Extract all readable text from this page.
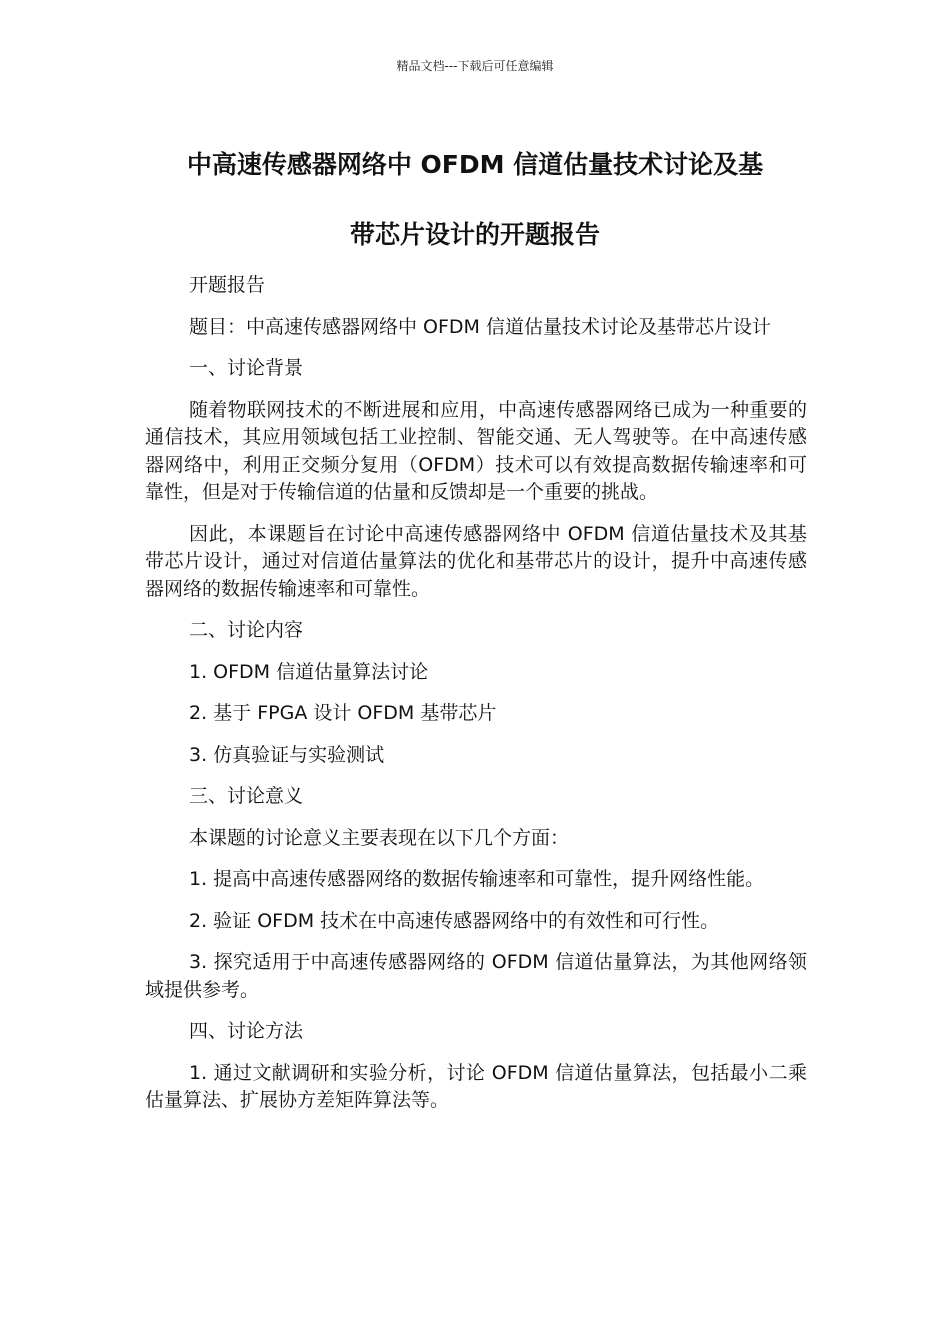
精品文档---下载后可任意编辑
中高速传感器网络中 OFDM 信道估量技术讨论及基
带芯片设计的开题报告

开题报告

题目：中高速传感器网络中 OFDM 信道估量技术讨论及基带芯片设计

一、讨论背景

随着物联网技术的不断进展和应用，中高速传感器网络已成为一种重要的通信技术，其应用领域包括工业控制、智能交通、无人驾驶等。在中高速传感器网络中，利用正交频分复用（OFDM）技术可以有效提高数据传输速率和可靠性，但是对于传输信道的估量和反馈却是一个重要的挑战。

因此，本课题旨在讨论中高速传感器网络中 OFDM 信道估量技术及其基带芯片设计，通过对信道估量算法的优化和基带芯片的设计，提升中高速传感器网络的数据传输速率和可靠性。

二、讨论内容

1. OFDM 信道估量算法讨论

2. 基于 FPGA 设计 OFDM 基带芯片

3. 仿真验证与实验测试

三、讨论意义

本课题的讨论意义主要表现在以下几个方面：

1. 提高中高速传感器网络的数据传输速率和可靠性，提升网络性能。

2. 验证 OFDM 技术在中高速传感器网络中的有效性和可行性。

3. 探究适用于中高速传感器网络的 OFDM 信道估量算法，为其他网络领域提供参考。

四、讨论方法

1. 通过文献调研和实验分析，讨论 OFDM 信道估量算法，包括最小二乘估量算法、扩展协方差矩阵算法等。
